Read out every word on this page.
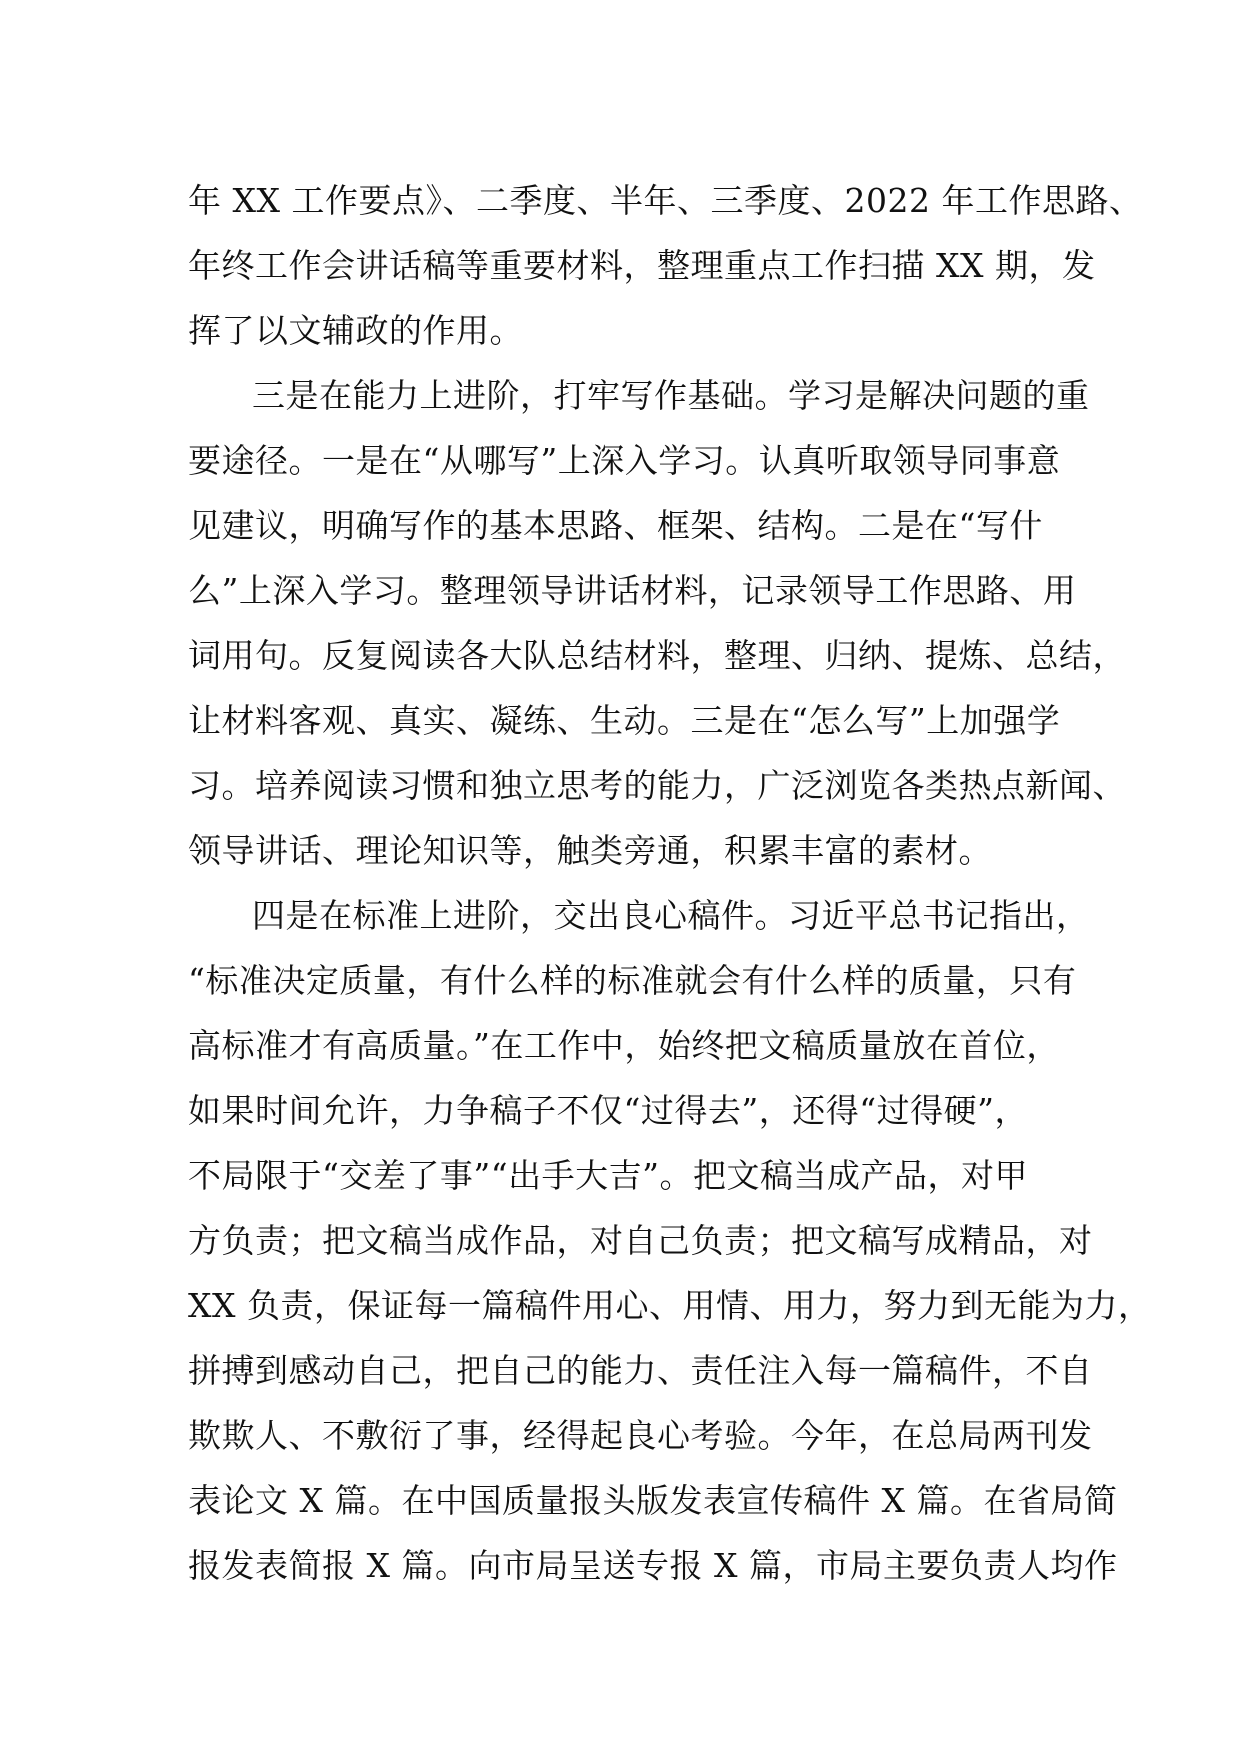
年 XX 工作要点》、二季度、半年、三季度、2022 年工作思路、
年终工作会讲话稿等重要材料，整理重点工作扫描 XX 期，发
挥了以文辅政的作用。
三是在能力上进阶，打牢写作基础。学习是解决问题的重
要途径。一是在“从哪写”上深入学习。认真听取领导同事意
见建议，明确写作的基本思路、框架、结构。二是在“写什
么”上深入学习。整理领导讲话材料，记录领导工作思路、用
词用句。反复阅读各大队总结材料，整理、归纳、提炼、总结，
让材料客观、真实、凝练、生动。三是在“怎么写”上加强学
习。培养阅读习惯和独立思考的能力，广泛浏览各类热点新闻、
领导讲话、理论知识等，触类旁通，积累丰富的素材。
四是在标准上进阶，交出良心稿件。习近平总书记指出，
“标准决定质量，有什么样的标准就会有什么样的质量，只有
高标准才有高质量。”在工作中，始终把文稿质量放在首位，
如果时间允许，力争稿子不仅“过得去”，还得“过得硬”，
不局限于“交差了事”“出手大吉”。把文稿当成产品，对甲
方负责；把文稿当成作品，对自己负责；把文稿写成精品，对
XX 负责，保证每一篇稿件用心、用情、用力，努力到无能为力，
拼搏到感动自己，把自己的能力、责任注入每一篇稿件，不自
欺欺人、不敷衍了事，经得起良心考验。今年，在总局两刊发
表论文 X 篇。在中国质量报头版发表宣传稿件 X 篇。在省局简
报发表简报 X 篇。向市局呈送专报 X 篇，市局主要负责人均作
